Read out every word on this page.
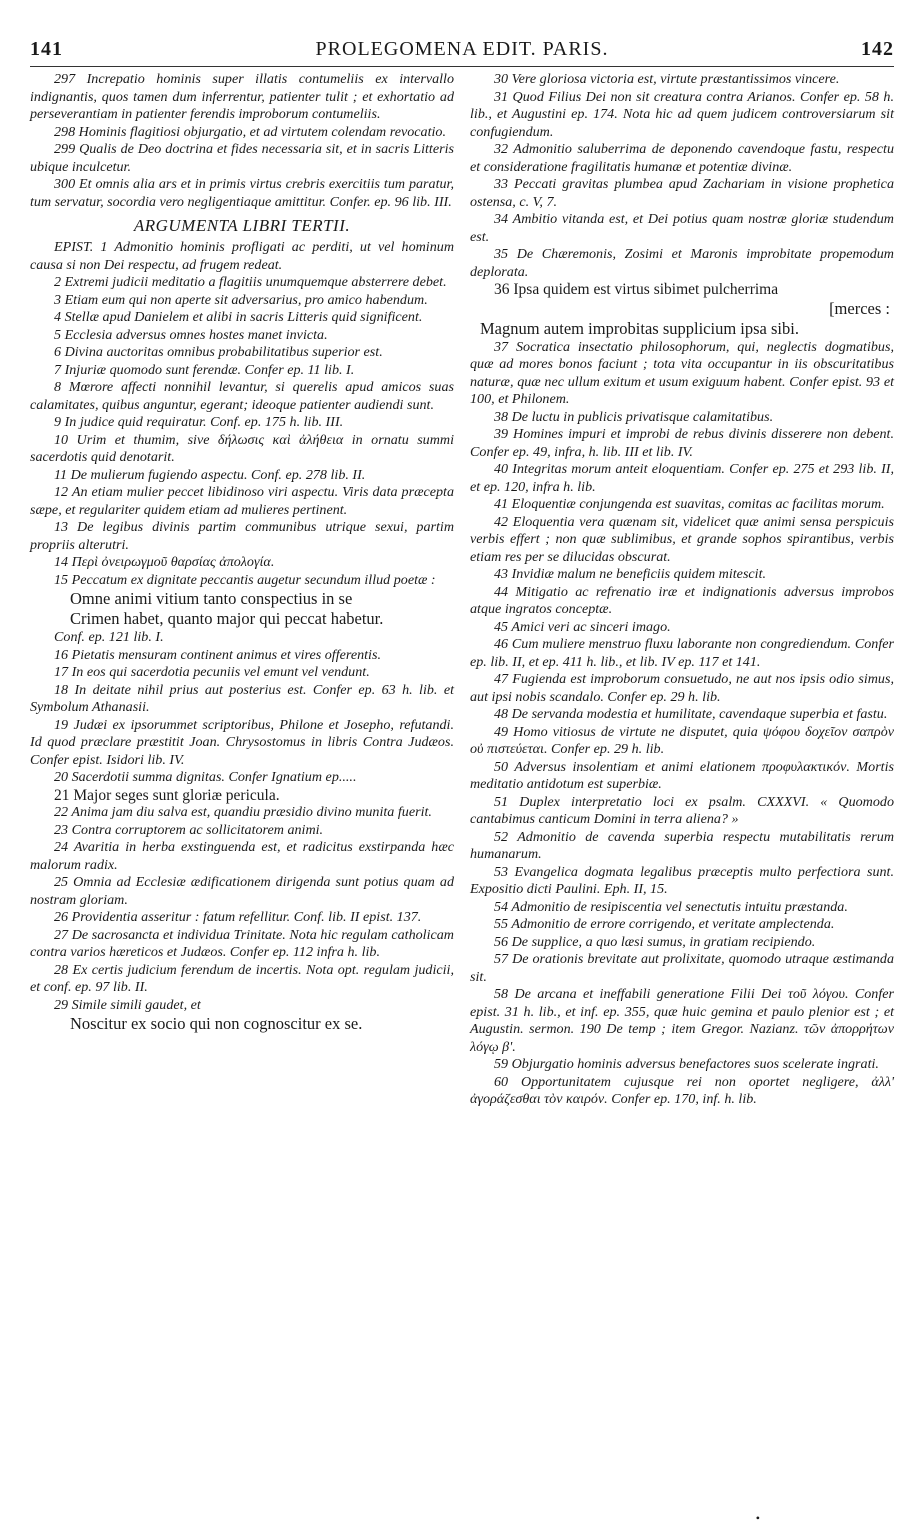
141	PROLEGOMENA EDIT. PARIS.	142

297 Increpatio hominis super illatis contumeliis ex intervallo indignantis, quos tamen dum inferrentur, patienter tulit ; et exhortatio ad perseverantiam in patienter ferendis improborum contumeliis.

298 Hominis flagitiosi objurgatio, et ad virtutem colendam revocatio.

299 Qualis de Deo doctrina et fides necessaria sit, et in sacris Litteris ubique inculcetur.

300 Et omnis alia ars et in primis virtus crebris exercitiis tum paratur, tum servatur, socordia vero negligentiaque amittitur. Confer. ep. 96 lib. III.

ARGUMENTA LIBRI TERTII.

EPIST. 1 Admonitio hominis profligati ac perditi, ut vel hominum causa si non Dei respectu, ad frugem redeat.

2 Extremi judicii meditatio a flagitiis unumquemque absterrere debet.

3 Etiam eum qui non aperte sit adversarius, pro amico habendum.

4 Stellæ apud Danielem et alibi in sacris Litteris quid significent.

5 Ecclesia adversus omnes hostes manet invicta.

6 Divina auctoritas omnibus probabilitatibus superior est.

7 Injuriæ quomodo sunt ferendæ. Confer ep. 11 lib. I.

8 Mœrore affecti nonnihil levantur, si querelis apud amicos suas calamitates, quibus anguntur, egerant; ideoque patienter audiendi sunt.

9 In judice quid requiratur. Conf. ep. 175 h. lib. III.

10 Urim et thumim, sive δήλωσις καὶ ἀλήθεια in ornatu summi sacerdotis quid denotarit.

11 De mulierum fugiendo aspectu. Conf. ep. 278 lib. II.

12 An etiam mulier peccet libidinoso viri aspectu. Viris data præcepta sæpe, et regulariter quidem etiam ad mulieres pertinent.

13 De legibus divinis partim communibus utrique sexui, partim propriis alterutri.

14 Περὶ ὀνειρωγμοῦ θαρσίας ἀπολογία.

15 Peccatum ex dignitate peccantis augetur secundum illud poetæ :

Omne animi vitium tanto conspectius in se

Crimen habet, quanto major qui peccat habetur.

Conf. ep. 121 lib. I.

16 Pietatis mensuram continent animus et vires offerentis.

17 In eos qui sacerdotia pecuniis vel emunt vel vendunt.

18 In deitate nihil prius aut posterius est. Confer ep. 63 h. lib. et Symbolum Athanasii.

19 Judæi ex ipsorummet scriptoribus, Philone et Josepho, refutandi. Id quod præclare præstitit Joan. Chrysostomus in libris Contra Judæos. Confer epist. Isidori lib. IV.

20 Sacerdotii summa dignitas. Confer Ignatium ep.....

21 Major seges sunt gloriæ pericula.

22 Anima jam diu salva est, quandiu præsidio divino munita fuerit.

23 Contra corruptorem ac sollicitatorem animi.

24 Avaritia in herba exstinguenda est, et radicitus exstirpanda hæc malorum radix.

25 Omnia ad Ecclesiæ ædificationem dirigenda sunt potius quam ad nostram gloriam.

26 Providentia asseritur : fatum refellitur. Conf. lib. II epist. 137.

27 De sacrosancta et individua Trinitate. Nota hic regulam catholicam contra varios hæreticos et Judæos. Confer ep. 112 infra h. lib.

28 Ex certis judicium ferendum de incertis. Nota opt. regulam judicii, et conf. ep. 97 lib. II.

29 Simile simili gaudet, et

Noscitur ex socio qui non cognoscitur ex se.

30 Vere gloriosa victoria est, virtute præstantissimos vincere.

31 Quod Filius Dei non sit creatura contra Arianos. Confer ep. 58 h. lib., et Augustini ep. 174. Nota hic ad quem judicem controversiarum sit confugiendum.

32 Admonitio saluberrima de deponendo cavendoque fastu, respectu et consideratione fragilitatis humanæ et potentiæ divinæ.

33 Peccati gravitas plumbea apud Zachariam in visione prophetica ostensa, c. V, 7.

34 Ambitio vitanda est, et Dei potius quam nostræ gloriæ studendum est.

35 De Chæremonis, Zosimi et Maronis improbitate propemodum deplorata.

36 Ipsa quidem est virtus sibimet pulcherrima

[merces :

Magnum autem improbitas supplicium ipsa sibi.

37 Socratica insectatio philosophorum, qui, neglectis dogmatibus, quæ ad mores bonos faciunt ; tota vita occupantur in iis obscuritatibus naturæ, quæ nec ullum exitum et usum exiguum habent. Confer epist. 93 et 100, et Philonem.

38 De luctu in publicis privatisque calamitatibus.

39 Homines impuri et improbi de rebus divinis disserere non debent. Confer ep. 49, infra, h. lib. III et lib. IV.

40 Integritas morum anteit eloquentiam. Confer ep. 275 et 293 lib. II, et ep. 120, infra h. lib.

41 Eloquentiæ conjungenda est suavitas, comitas ac facilitas morum.

42 Eloquentia vera quænam sit, videlicet quæ animi sensa perspicuis verbis effert ; non quæ sublimibus, et grande sophos spirantibus, verbis etiam res per se dilucidas obscurat.

43 Invidiæ malum ne beneficiis quidem mitescit.

44 Mitigatio ac refrenatio iræ et indignationis adversus improbos atque ingratos conceptæ.

45 Amici veri ac sinceri imago.

46 Cum muliere menstruo fluxu laborante non congrediendum. Confer ep. lib. II, et ep. 411 h. lib., et lib. IV ep. 117 et 141.

47 Fugienda est improborum consuetudo, ne aut nos ipsis odio simus, aut ipsi nobis scandalo. Confer ep. 29 h. lib.

48 De servanda modestia et humilitate, cavendaque superbia et fastu.

49 Homo vitiosus de virtute ne disputet, quia ψόφου δοχεῖον σαπρὸν οὐ πιστεύεται. Confer ep. 29 h. lib.

50 Adversus insolentiam et animi elationem προφυλακτικόν. Mortis meditatio antidotum est superbiæ.

51 Duplex interpretatio loci ex psalm. CXXXVI. « Quomodo cantabimus canticum Domini in terra aliena? »

52 Admonitio de cavenda superbia respectu mutabilitatis rerum humanarum.

53 Evangelica dogmata legalibus præceptis multo perfectiora sunt. Expositio dicti Paulini. Eph. II, 15.

54 Admonitio de resipiscentia vel senectutis intuitu præstanda.

55 Admonitio de errore corrigendo, et veritate amplectenda.

56 De supplice, a quo læsi sumus, in gratiam recipiendo.

57 De orationis brevitate aut prolixitate, quomodo utraque æstimanda sit.

58 De arcana et ineffabili generatione Filii Dei τοῦ λόγου. Confer epist. 31 h. lib., et inf. ep. 355, quæ huic gemina et paulo plenior est ; et Augustin. sermon. 190 De temp ; item Gregor. Nazianz. τῶν ἀπορρήτων λόγῳ β'.

59 Objurgatio hominis adversus benefactores suos scelerate ingrati.

60 Opportunitatem cujusque rei non oportet negligere, ἀλλ' ἀγοράζεσθαι τὸν καιρόν. Confer ep. 170, inf. h. lib.

•
